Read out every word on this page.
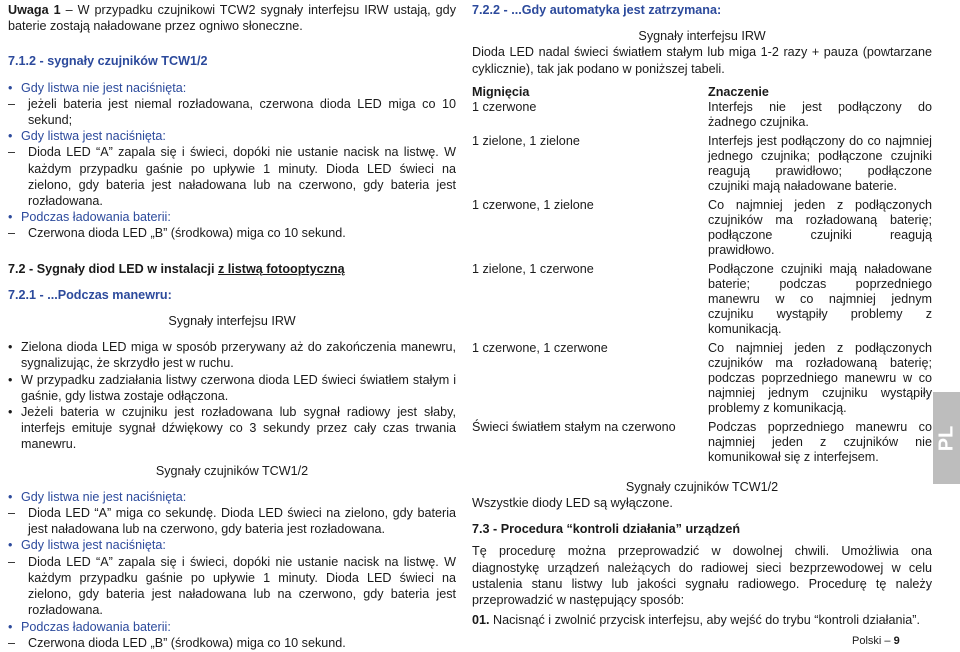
Uwaga 1 – W przypadku czujnikowi TCW2 sygnały interfejsu IRW ustają, gdy baterie zostają naładowane przez ogniwo słoneczne.

7.1.2 - sygnały czujników TCW1/2

• Gdy listwa nie jest naciśnięta:

– jeżeli bateria jest niemal rozładowana, czerwona dioda LED miga co 10 sekund;

• Gdy listwa jest naciśnięta:

– Dioda LED “A” zapala się i świeci, dopóki nie ustanie nacisk na listwę. W każdym przypadku gaśnie po upływie 1 minuty. Dioda LED świeci na zielono, gdy bateria jest naładowana lub na czerwono, gdy bateria jest rozładowana.

• Podczas ładowania baterii:

– Czerwona dioda LED „B” (środkowa) miga co 10 sekund.

7.2 - Sygnały diod LED w instalacji z listwą fotooptyczną

7.2.1 - ...Podczas manewru:

Sygnały interfejsu IRW

• Zielona dioda LED miga w sposób przerywany aż do zakończenia manewru, sygnalizując, że skrzydło jest w ruchu.

• W przypadku zadziałania listwy czerwona dioda LED świeci światłem stałym i gaśnie, gdy listwa zostaje odłączona.

• Jeżeli bateria w czujniku jest rozładowana lub sygnał radiowy jest słaby, interfejs emituje sygnał dźwiękowy co 3 sekundy przez cały czas trwania manewru.

Sygnały czujników TCW1/2

• Gdy listwa nie jest naciśnięta:

– Dioda LED “A” miga co sekundę. Dioda LED świeci na zielono, gdy bateria jest naładowana lub na czerwono, gdy bateria jest rozładowana.

• Gdy listwa jest naciśnięta:

– Dioda LED “A” zapala się i świeci, dopóki nie ustanie nacisk na listwę. W każdym przypadku gaśnie po upływie 1 minuty. Dioda LED świeci na zielono, gdy bateria jest naładowana lub na czerwono, gdy bateria jest rozładowana.

• Podczas ładowania baterii:

– Czerwona dioda LED „B” (środkowa) miga co 10 sekund.

7.2.2 - ...Gdy automatyka jest zatrzymana:

Sygnały interfejsu IRW

Dioda LED nadal świeci światłem stałym lub miga 1-2 razy + pauza (powtarzane cyklicznie), tak jak podano w poniższej tabeli.

Mignięcia	Znaczenie
1 czerwone	Interfejs nie jest podłączony do żadnego czujnika.
1 zielone, 1 zielone	Interfejs jest podłączony do co najmniej jednego czujnika; podłączone czujniki reagują prawidłowo; podłączone czujniki mają naładowane baterie.
1 czerwone, 1 zielone	Co najmniej jeden z podłączonych czujników ma rozładowaną baterię; podłączone czujniki reagują prawidłowo.
1 zielone, 1 czerwone	Podłączone czujniki mają naładowane baterie; podczas poprzedniego manewru w co najmniej jednym czujniku wystąpiły problemy z komunikacją.
1 czerwone, 1 czerwone	Co najmniej jeden z podłączonych czujników ma rozładowaną baterię; podczas poprzedniego manewru w co najmniej jednym czujniku wystąpiły problemy z komunikacją.
Świeci światłem stałym na czerwono	Podczas poprzedniego manewru co najmniej jeden z czujników nie komunikował się z interfejsem.

Sygnały czujników TCW1/2

Wszystkie diody LED są wyłączone.

7.3 - Procedura “kontroli działania” urządzeń

Tę procedurę można przeprowadzić w dowolnej chwili. Umożliwia ona diagnostykę urządzeń należących do radiowej sieci bezprzewodowej w celu ustalenia stanu listwy lub jakości sygnału radiowego. Procedurę tę należy przeprowadzić w następujący sposób:

01. Nacisnąć i zwolnić przycisk interfejsu, aby wejść do trybu “kontroli działania”.

PL
Polski – 9
